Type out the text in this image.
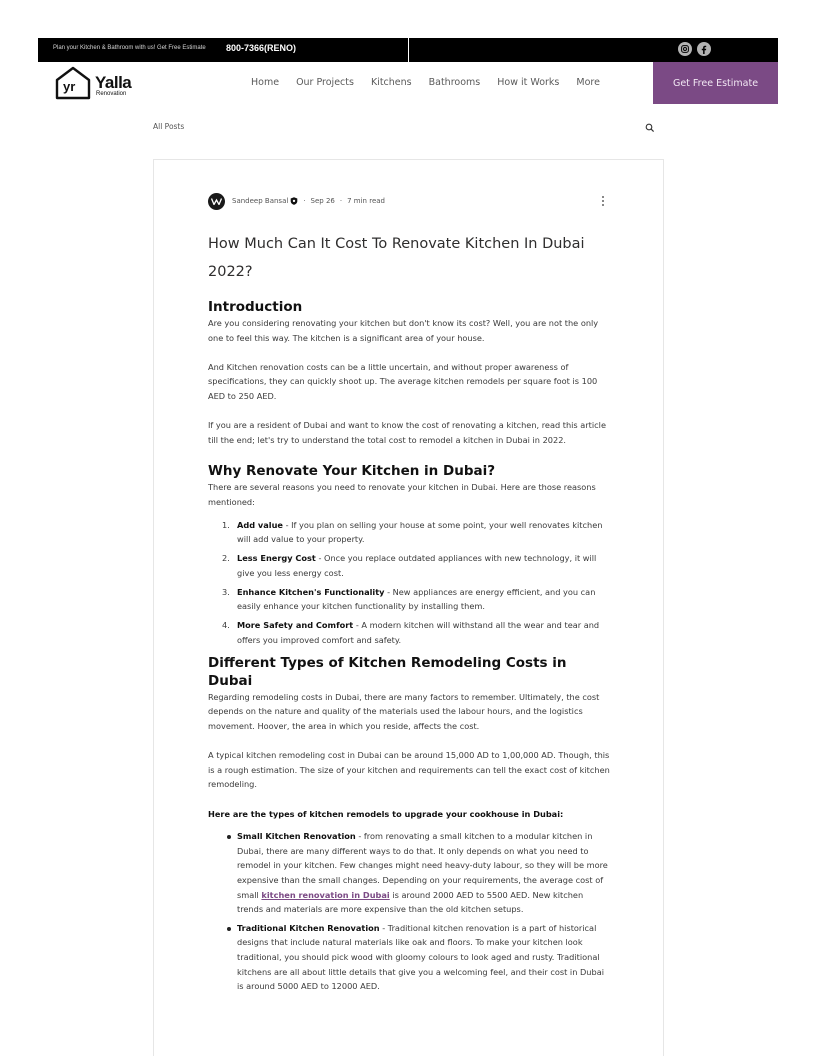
Plan your Kitchen & Bathroom with us! Get Free Estimate 800-7366(RENO)
yr Yalla
Renovation
Home Our Projects Kitchens Bathrooms How it Works More	Get Free Estimate
All Posts
Sandeep Bansal · Sep 26 · 7 min read
How Much Can It Cost To Renovate Kitchen In Dubai 2022?
Introduction

Are you considering renovating your kitchen but don't know its cost? Well, you are not the only one to feel this way. The kitchen is a significant area of your house.

And Kitchen renovation costs can be a little uncertain, and without proper awareness of specifications, they can quickly shoot up. The average kitchen remodels per square foot is 100 AED to 250 AED.

If you are a resident of Dubai and want to know the cost of renovating a kitchen, read this article till the end; let's try to understand the total cost to remodel a kitchen in Dubai in 2022.

Why Renovate Your Kitchen in Dubai?

There are several reasons you need to renovate your kitchen in Dubai. Here are those reasons mentioned:

1. Add value - If you plan on selling your house at some point, your well renovates kitchen will add value to your property.
2. Less Energy Cost - Once you replace outdated appliances with new technology, it will give you less energy cost.
3. Enhance Kitchen's Functionality - New appliances are energy efficient, and you can easily enhance your kitchen functionality by installing them.
4. More Safety and Comfort - A modern kitchen will withstand all the wear and tear and offers you improved comfort and safety.
Different Types of Kitchen Remodeling Costs in Dubai

Regarding remodeling costs in Dubai, there are many factors to remember. Ultimately, the cost depends on the nature and quality of the materials used the labour hours, and the logistics movement. Hoover, the area in which you reside, affects the cost.

A typical kitchen remodeling cost in Dubai can be around 15,000 AD to 1,00,000 AD. Though, this is a rough estimation. The size of your kitchen and requirements can tell the exact cost of kitchen remodeling.

Here are the types of kitchen remodels to upgrade your cookhouse in Dubai:

Small Kitchen Renovation - from renovating a small kitchen to a modular kitchen in Dubai, there are many different ways to do that. It only depends on what you need to remodel in your kitchen. Few changes might need heavy-duty labour, so they will be more expensive than the small changes. Depending on your requirements, the average cost of small kitchen renovation in Dubai is around 2000 AED to 5500 AED. New kitchen trends and materials are more expensive than the old kitchen setups.
Traditional Kitchen Renovation - Traditional kitchen renovation is a part of historical designs that include natural materials like oak and floors. To make your kitchen look traditional, you should pick wood with gloomy colours to look aged and rusty. Traditional kitchens are all about little details that give you a welcoming feel, and their cost in Dubai is around 5000 AED to 12000 AED.
